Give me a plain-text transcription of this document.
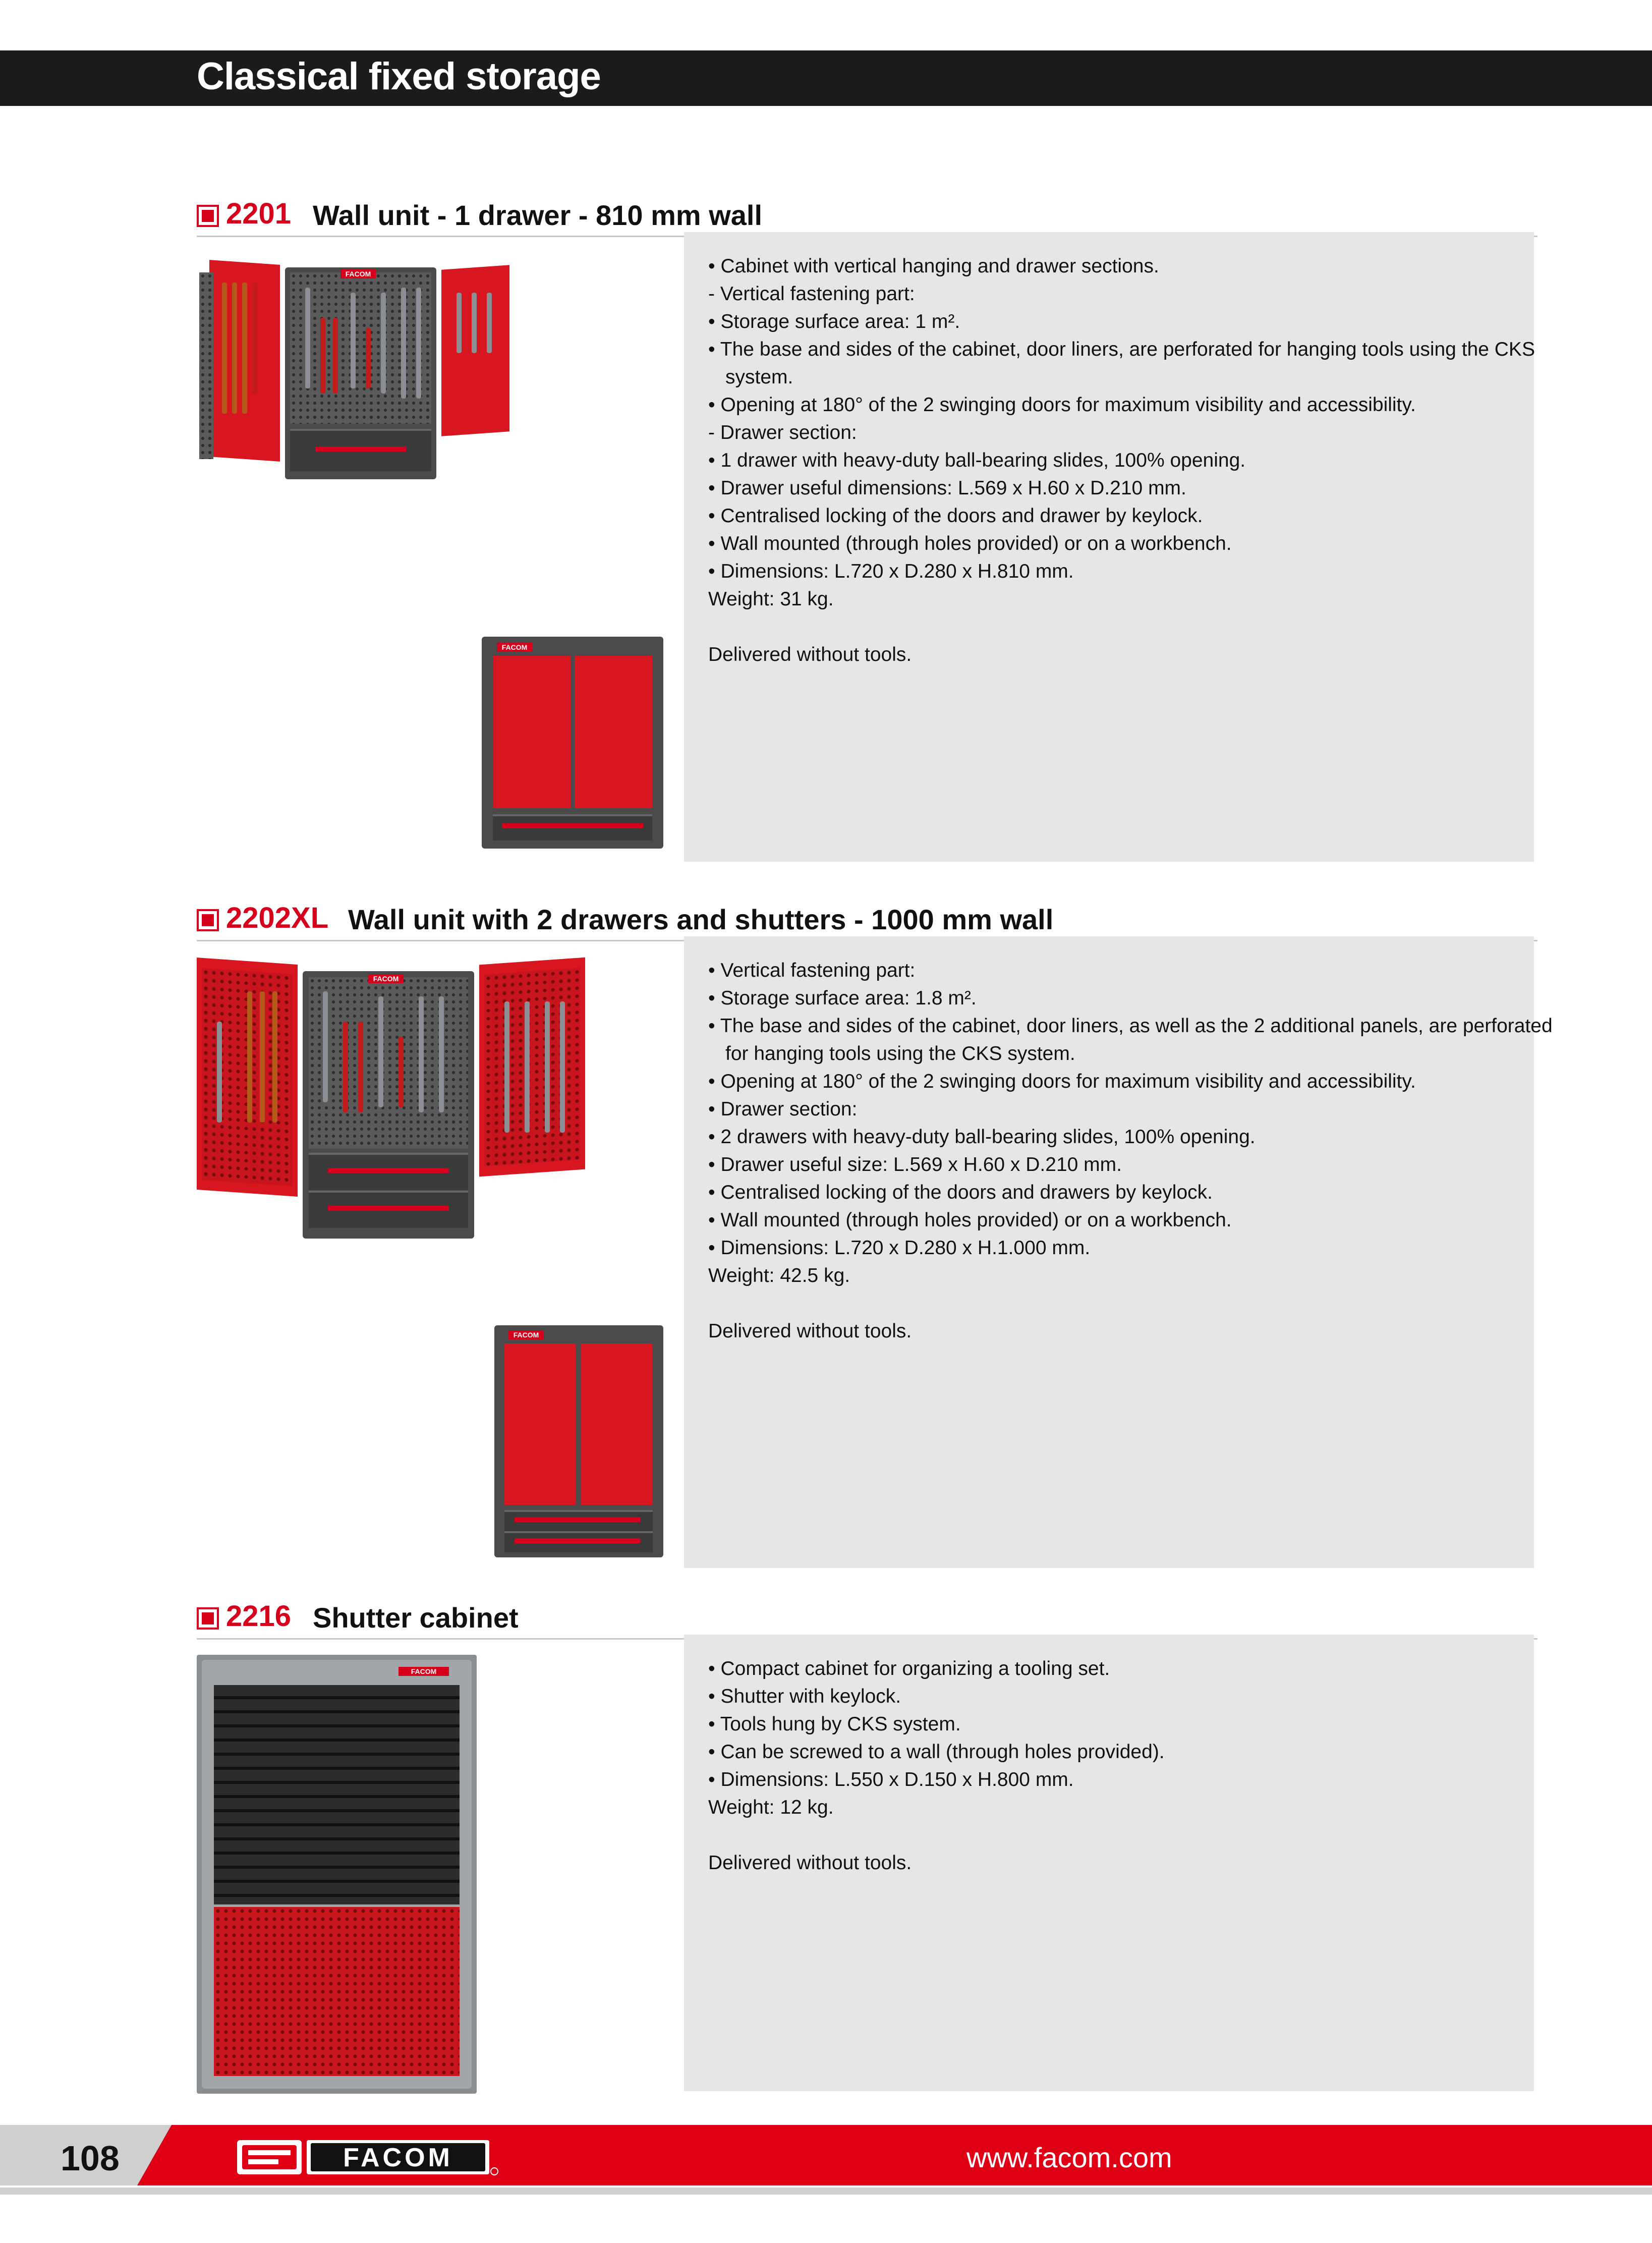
Classical fixed storage
2201 Wall unit - 1 drawer - 810 mm wall
FACOM
FACOM
• Cabinet with vertical hanging and drawer sections.
- Vertical fastening part:
• Storage surface area: 1 m².
• The base and sides of the cabinet, door liners, are perforated for hanging tools using the CKS
system.
• Opening at 180° of the 2 swinging doors for maximum visibility and accessibility.
- Drawer section:
• 1 drawer with heavy-duty ball-bearing slides, 100% opening.
• Drawer useful dimensions: L.569 x H.60 x D.210 mm.
• Centralised locking of the doors and drawer by keylock.
• Wall mounted (through holes provided) or on a workbench.
• Dimensions: L.720 x D.280 x H.810 mm.
Weight: 31 kg.
Delivered without tools.
2202XL Wall unit with 2 drawers and shutters - 1000 mm wall
FACOM
FACOM
• Vertical fastening part:
• Storage surface area: 1.8 m².
• The base and sides of the cabinet, door liners, as well as the 2 additional panels, are perforated
for hanging tools using the CKS system.
• Opening at 180° of the 2 swinging doors for maximum visibility and accessibility.
• Drawer section:
• 2 drawers with heavy-duty ball-bearing slides, 100% opening.
• Drawer useful size: L.569 x H.60 x D.210 mm.
• Centralised locking of the doors and drawers by keylock.
• Wall mounted (through holes provided) or on a workbench.
• Dimensions: L.720 x D.280 x H.1.000 mm.
Weight: 42.5 kg.
Delivered without tools.
2216 Shutter cabinet
FACOM	• Compact cabinet for organizing a tooling set.
• Shutter with keylock.
• Tools hung by CKS system.
• Can be screwed to a wall (through holes provided).
• Dimensions: L.550 x D.150 x H.800 mm.
Weight: 12 kg.
Delivered without tools.
108	FACOM	www.facom.com
